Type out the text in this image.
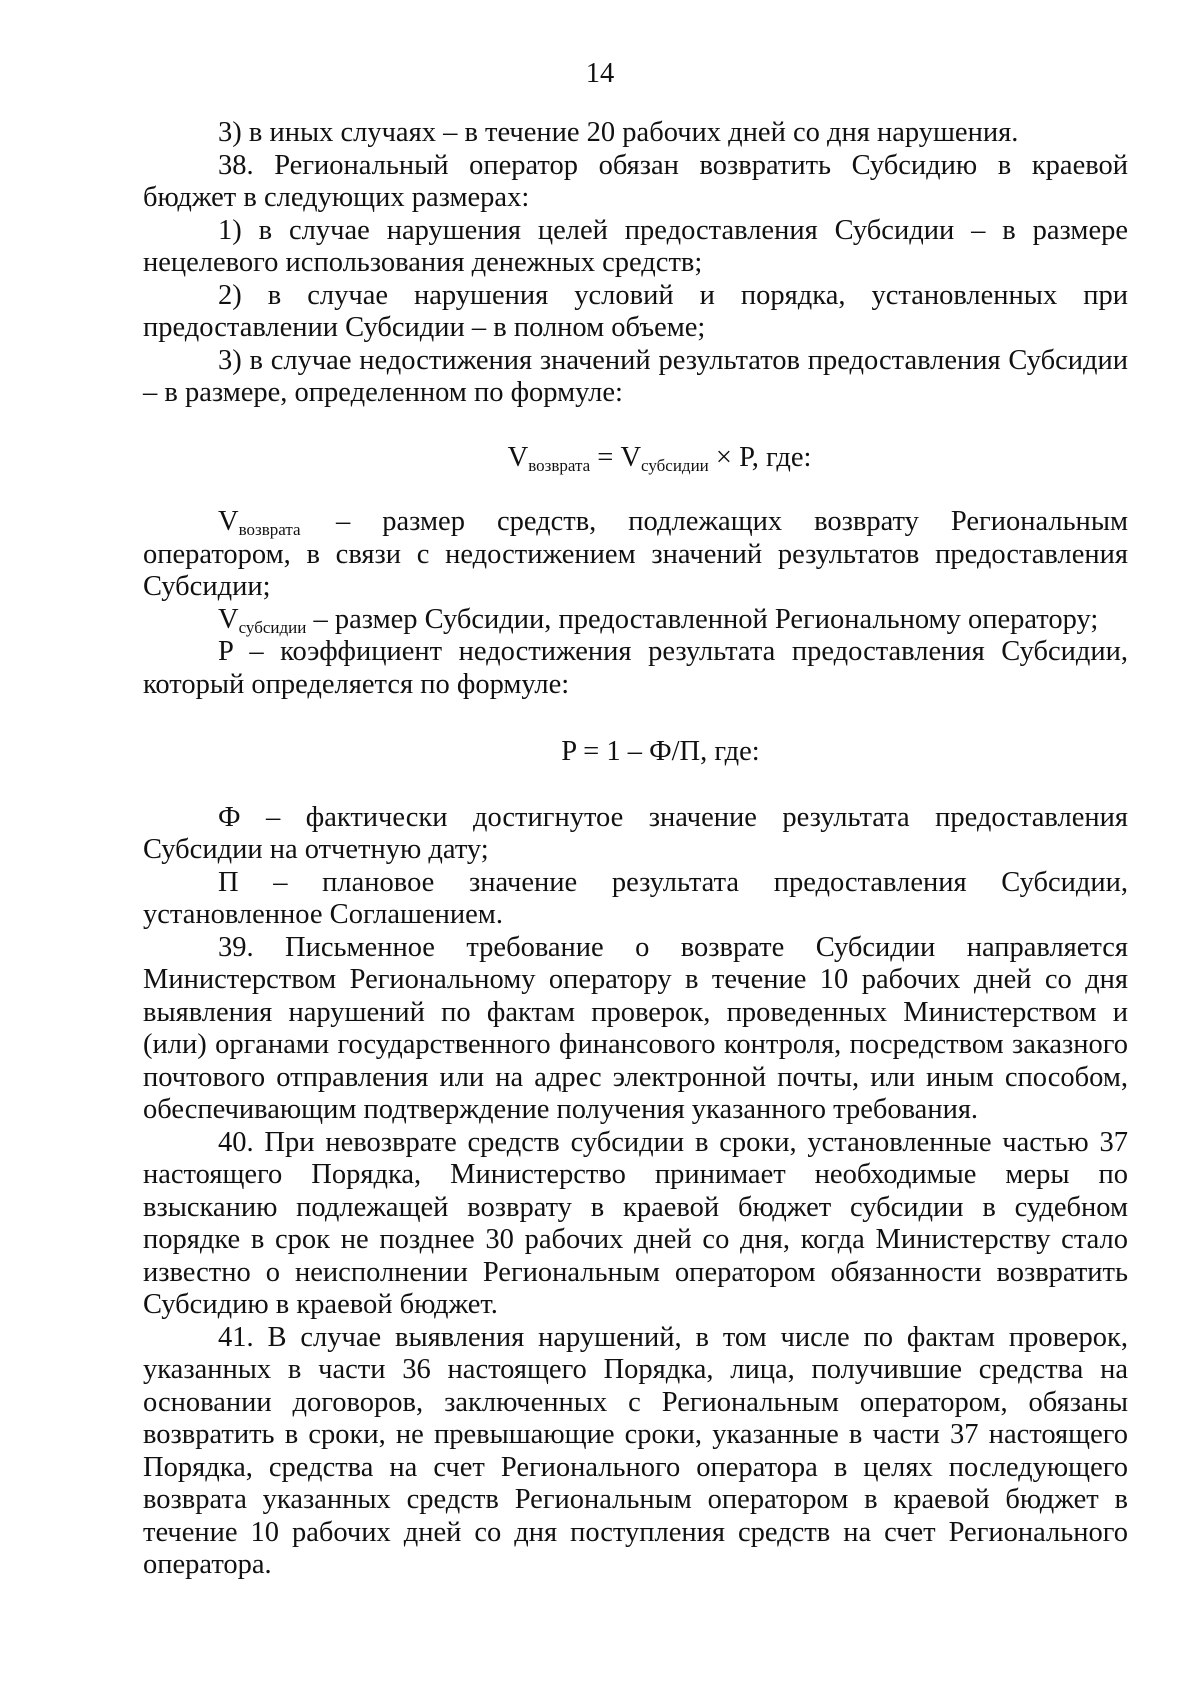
14

3) в иных случаях – в течение 20 рабочих дней со дня нарушения.

38. Региональный оператор обязан возвратить Субсидию в краевой бюджет в следующих размерах:

1) в случае нарушения целей предоставления Субсидии – в размере нецелевого использования денежных средств;

2) в случае нарушения условий и порядка, установленных при предоставлении Субсидии – в полном объеме;

3) в случае недостижения значений результатов предоставления Субсидии – в размере, определенном по формуле:

$V_{возврата} = V_{субсидии} \times P$, где:

$V_{возврата}$ – размер средств, подлежащих возврату Региональным оператором, в связи с недостижением значений результатов предоставления Субсидии;

$V_{субсидии}$ – размер Субсидии, предоставленной Региональному оператору;

P – коэффициент недостижения результата предоставления Субсидии, который определяется по формуле:

P = 1 – Ф/П, где:

Ф – фактически достигнутое значение результата предоставления Субсидии на отчетную дату;

П – плановое значение результата предоставления Субсидии, установленное Соглашением.

39. Письменное требование о возврате Субсидии направляется Министерством Региональному оператору в течение 10 рабочих дней со дня выявления нарушений по фактам проверок, проведенных Министерством и (или) органами государственного финансового контроля, посредством заказного почтового отправления или на адрес электронной почты, или иным способом, обеспечивающим подтверждение получения указанного требования.

40. При невозврате средств субсидии в сроки, установленные частью 37 настоящего Порядка, Министерство принимает необходимые меры по взысканию подлежащей возврату в краевой бюджет субсидии в судебном порядке в срок не позднее 30 рабочих дней со дня, когда Министерству стало известно о неисполнении Региональным оператором обязанности возвратить Субсидию в краевой бюджет.

41. В случае выявления нарушений, в том числе по фактам проверок, указанных в части 36 настоящего Порядка, лица, получившие средства на основании договоров, заключенных с Региональным оператором, обязаны возвратить в сроки, не превышающие сроки, указанные в части 37 настоящего Порядка, средства на счет Регионального оператора в целях последующего возврата указанных средств Региональным оператором в краевой бюджет в течение 10 рабочих дней со дня поступления средств на счет Регионального оператора.
